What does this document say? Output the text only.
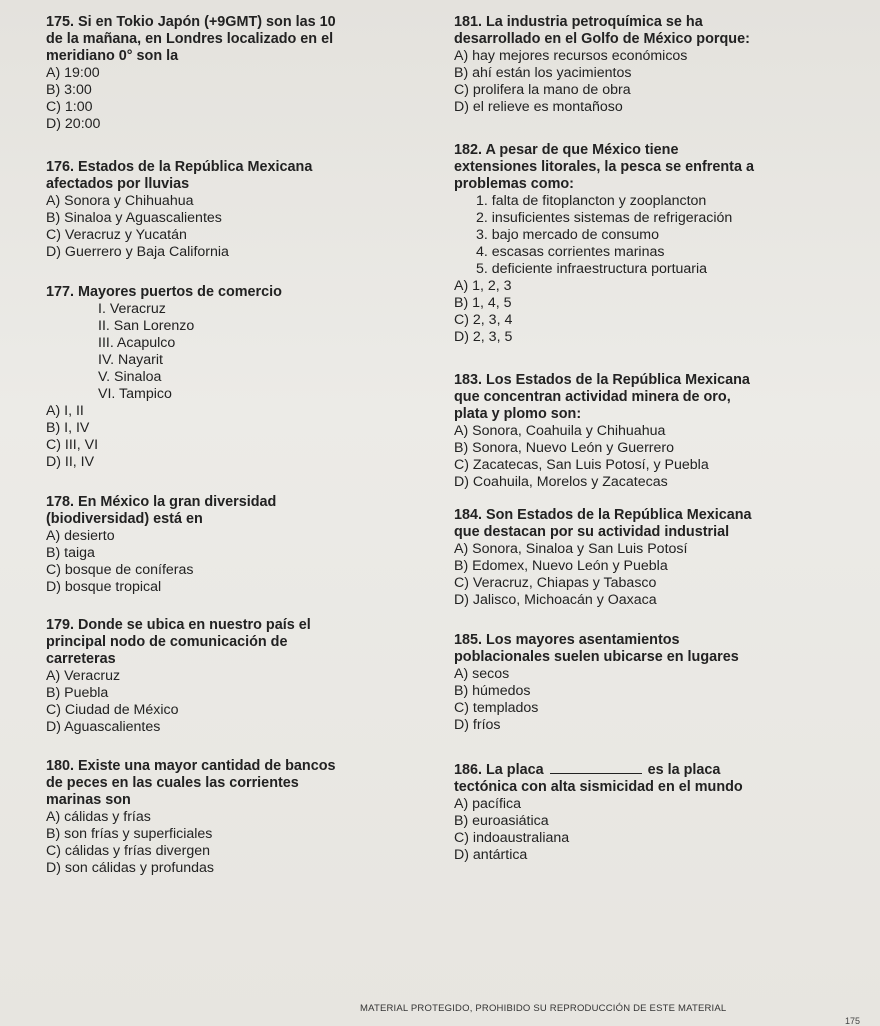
175. Si en Tokio Japón (+9GMT) son las 10
de la mañana, en Londres localizado en el
meridiano 0° son la

A) 19:00

B) 3:00

C) 1:00

D) 20:00

176. Estados de la República Mexicana
afectados por lluvias

A) Sonora y Chihuahua

B) Sinaloa y Aguascalientes

C) Veracruz y Yucatán

D) Guerrero y Baja California

177. Mayores puertos de comercio

I. Veracruz

II. San Lorenzo

III. Acapulco

IV. Nayarit

V. Sinaloa

VI. Tampico

A) I, II

B) I, IV

C) III, VI

D) II, IV

178. En México la gran diversidad
(biodiversidad) está en

A) desierto

B) taiga

C) bosque de coníferas

D) bosque tropical

179. Donde se ubica en nuestro país el
principal nodo de comunicación de
carreteras

A) Veracruz

B) Puebla

C) Ciudad de México

D) Aguascalientes

180. Existe una mayor cantidad de bancos
de peces en las cuales las corrientes
marinas son

A) cálidas y frías

B) son frías y superficiales

C) cálidas y frías divergen

D) son cálidas y profundas

181. La industria petroquímica se ha
desarrollado en el Golfo de México porque:

A) hay mejores recursos económicos

B) ahí están los yacimientos

C) prolifera la mano de obra

D) el relieve es montañoso

182. A pesar de que México tiene
extensiones litorales, la pesca se enfrenta a
problemas como:

1. falta de fitoplancton y zooplancton

2. insuficientes sistemas de refrigeración

3. bajo mercado de consumo

4. escasas corrientes marinas

5. deficiente infraestructura portuaria

A) 1, 2, 3

B) 1, 4, 5

C) 2, 3, 4

D) 2, 3, 5

183. Los Estados de la República Mexicana
que concentran actividad minera de oro,
plata y plomo son:

A) Sonora, Coahuila y Chihuahua

B) Sonora, Nuevo León y Guerrero

C) Zacatecas, San Luis Potosí, y Puebla

D) Coahuila, Morelos y Zacatecas

184. Son Estados de la República Mexicana
que destacan por su actividad industrial

A) Sonora, Sinaloa y San Luis Potosí

B) Edomex, Nuevo León y Puebla

C) Veracruz, Chiapas y Tabasco

D) Jalisco, Michoacán y Oaxaca

185. Los mayores asentamientos
poblacionales suelen ubicarse en lugares

A) secos

B) húmedos

C) templados

D) fríos

186. La placa	es la placa

tectónica con alta sismicidad en el mundo

A) pacífica

B) euroasiática

C) indoaustraliana

D) antártica

MATERIAL PROTEGIDO, PROHIBIDO SU REPRODUCCIÓN DE ESTE MATERIAL
175
